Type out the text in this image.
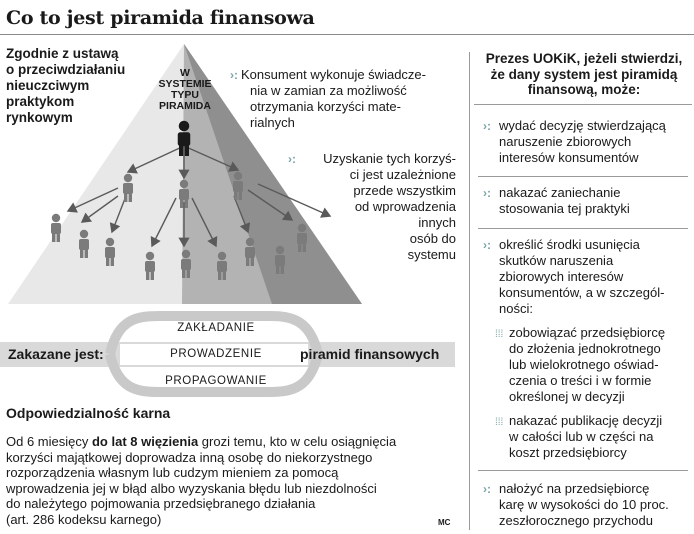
Co to jest piramida finansowa
W
SYSTEMIE
TYPU PIRAMIDA
Zgodnie z ustawą
o przeciwdziałaniu
nieuczciwym
praktykom
rynkowym
›: Konsument wykonuje świadcze-
nia w zamian za możliwość
otrzymania korzyści mate-
rialnych
›:	Uzyskanie tych korzyś-
ci jest uzależnione
przede wszystkim
od wprowadzenia
innych
osób do
systemu
ZAKŁADANIE
PROWADZENIE
PROPAGOWANIE
Zakazane jest:	piramid finansowych
Odpowiedzialność karna
Od 6 miesięcy do lat 8 więzienia grozi temu, kto w celu osiągnięcia
korzyści majątkowej doprowadza inną osobę do niekorzystnego
rozporządzenia własnym lub cudzym mieniem za pomocą
wprowadzenia jej w błąd albo wyzyskania błędu lub niezdolności
do należytego pojmowania przedsiębranego działania
(art. 286 kodeksu karnego)	MC
Prezes UOKiK, jeżeli stwierdzi,
że dany system jest piramidą
finansową, może:
›: wydać decyzję stwierdzającą
naruszenie zbiorowych
interesów konsumentów
›: nakazać zaniechanie
stosowania tej praktyki
›: określić środki usunięcia
skutków naruszenia
zbiorowych interesów
konsumentów, a w szczegól-
ności:
⁞⁞⁞ zobowiązać przedsiębiorcę
do złożenia jednokrotnego
lub wielokrotnego oświad-
czenia o treści i w formie
określonej w decyzji
⁞⁞⁞ nakazać publikację decyzji
w całości lub w części na
koszt przedsiębiorcy
›: nałożyć na przedsiębiorcę
karę w wysokości do 10 proc.
zeszłorocznego przychodu
